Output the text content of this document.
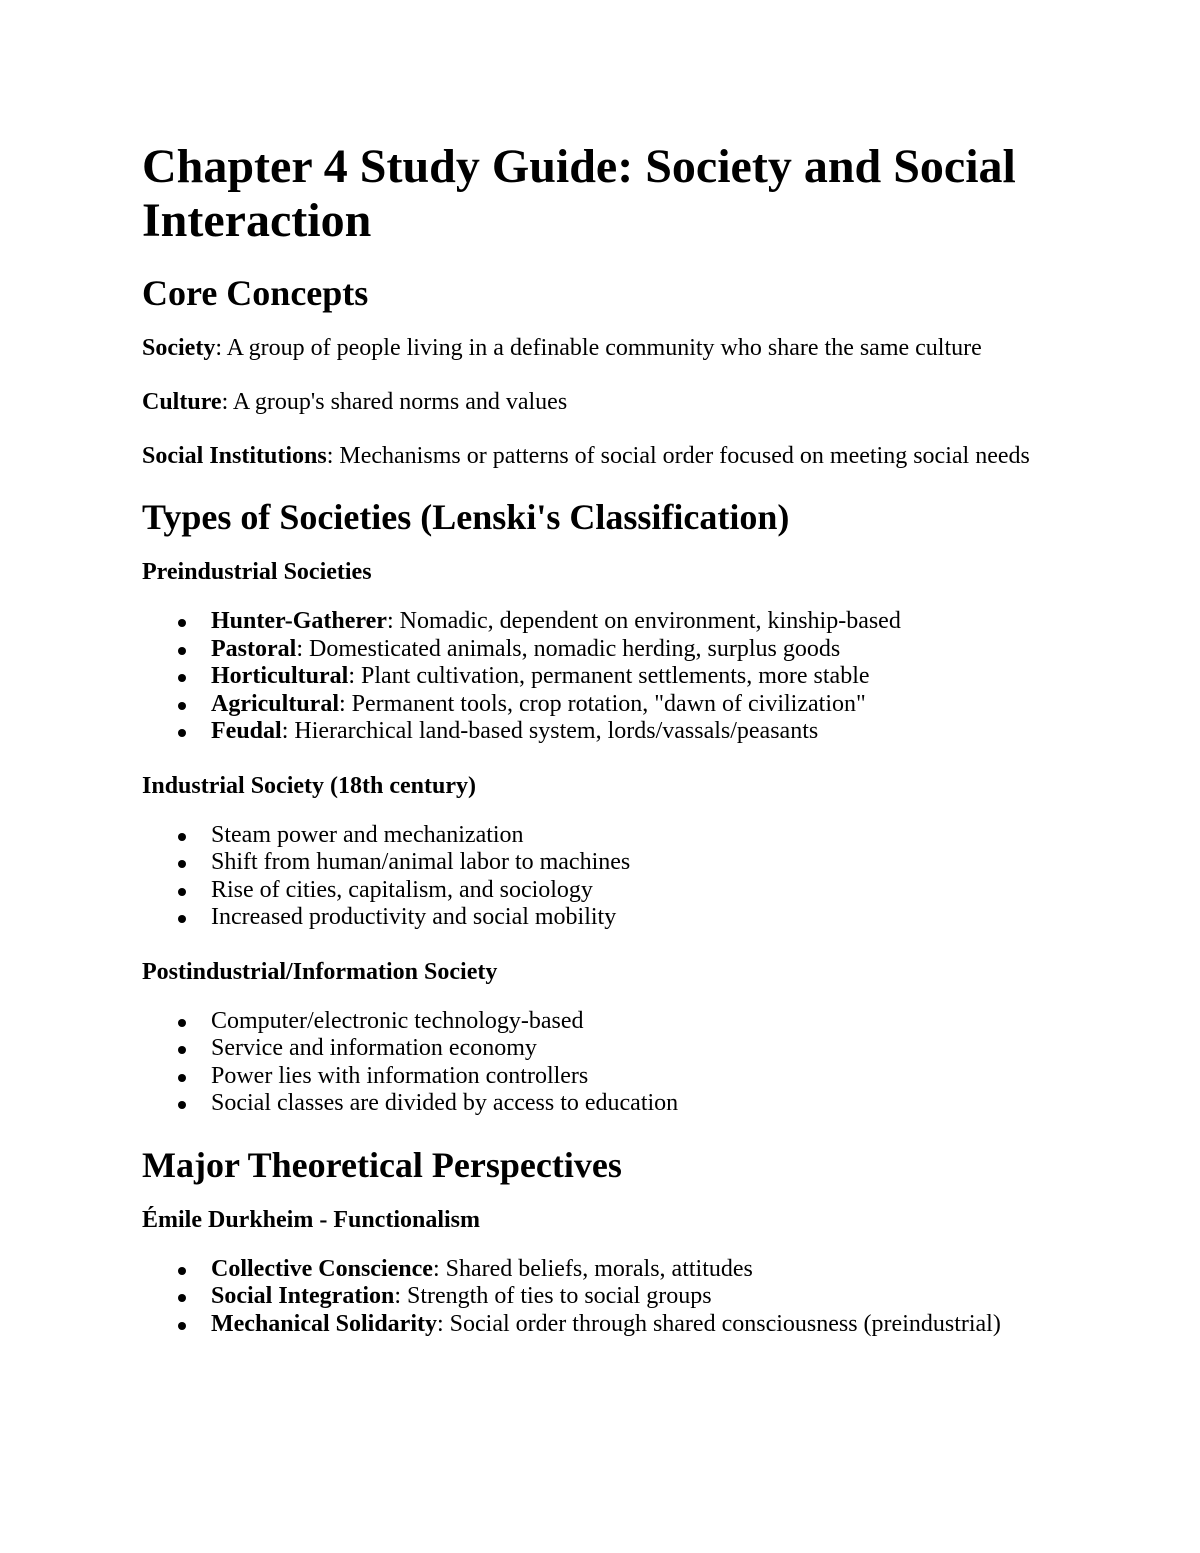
Chapter 4 Study Guide: Society and Social Interaction
Core Concepts

Society: A group of people living in a definable community who share the same culture

Culture: A group's shared norms and values

Social Institutions: Mechanisms or patterns of social order focused on meeting social needs

Types of Societies (Lenski's Classification)
Preindustrial Societies
Hunter-Gatherer: Nomadic, dependent on environment, kinship-based
Pastoral: Domesticated animals, nomadic herding, surplus goods
Horticultural: Plant cultivation, permanent settlements, more stable
Agricultural: Permanent tools, crop rotation, "dawn of civilization"
Feudal: Hierarchical land-based system, lords/vassals/peasants
Industrial Society (18th century)
Steam power and mechanization
Shift from human/animal labor to machines
Rise of cities, capitalism, and sociology
Increased productivity and social mobility
Postindustrial/Information Society
Computer/electronic technology-based
Service and information economy
Power lies with information controllers
Social classes are divided by access to education
Major Theoretical Perspectives
Émile Durkheim - Functionalism
Collective Conscience: Shared beliefs, morals, attitudes
Social Integration: Strength of ties to social groups
Mechanical Solidarity: Social order through shared consciousness (preindustrial)
